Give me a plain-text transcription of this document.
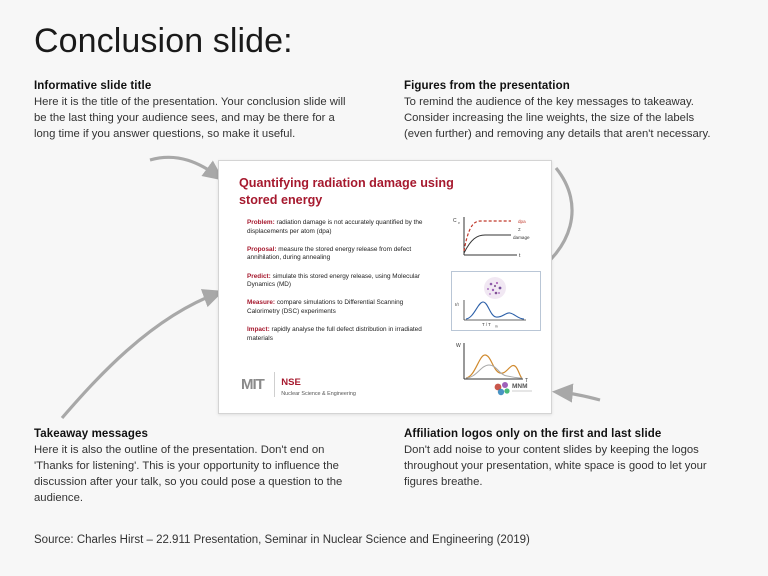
Conclusion slide:
Informative slide title
Here it is the title of the presentation. Your conclusion slide will be the last thing your audience sees, and may be there for a long time if you answer questions, so make it useful.
Figures from the presentation
To remind the audience of the key messages to takeaway. Consider increasing the line weights, the size of the labels (even further) and removing any details that aren't necessary.
Takeaway messages
Here it is also the outline of the presentation. Don't end on 'Thanks for listening'. This is your opportunity to influence the discussion after your talk, so you could pose a question to the audience.
Affiliation logos only on the first and last slide
Don't add noise to your content slides by keeping the logos throughout your presentation, white space is good to let your figures breathe.
Source: Charles Hirst – 22.911 Presentation, Seminar in Nuclear Science and Engineering (2019)
Quantifying radiation damage using stored energy
Problem: radiation damage is not accurately quantified by the displacements per atom (dpa)
Proposal: measure the stored energy release from defect annihilation, during annealing
Predict: simulate this stored energy release, using Molecular Dynamics (MD)
Measure: compare simulations to Differential Scanning Calorimetry (DSC) experiments
Impact: rapidly analyse the full defect distribution in irradiated materials
C v
t
dpa
≠
damage
I/I
T / T m
W
T
MIT NSE
Nuclear Science & Engineering
MNM
